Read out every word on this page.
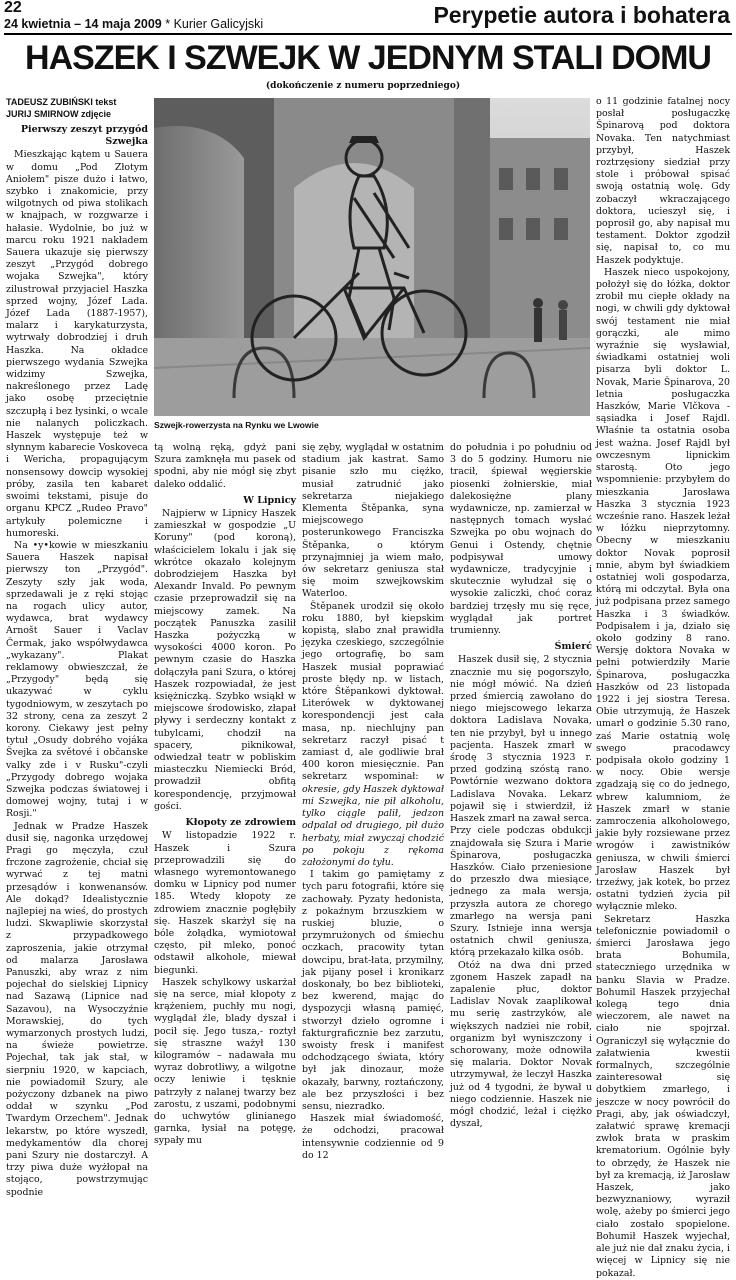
22
24 kwietnia – 14 maja 2009 * Kurier Galicyjski	Perypetie autora i bohatera
HASZEK I SZWEJK W JEDNYM STALI DOMU
(dokończenie z numeru poprzedniego)
TADEUSZ ZUBIŃSKI tekst
JURIJ SMIRNOW zdjęcie

Pierwszy zeszyt przygód Szwejka

Mieszkając kątem u Sauera w domu „Pod Złotym Aniołem" pisze dużo i łatwo, szybko i znakomicie, przy wilgotnych od piwa stolikach w knajpach, w rozgwarze i hałasie. Wydolnie, bo już w marcu roku 1921 nakładem Sauera ukazuje się pierwszy zeszyt „Przygód dobrego wojaka Szwejka", który zilustrował przyjaciel Haszka sprzed wojny, Józef Lada. Józef Lada (1887-1957), malarz i karykaturzysta, wytrwały dobrodziej i druh Haszka. Na okładce pierwszego wydania Szwejka widzimy Szwejka, nakreślonego przez Ladę jako osobę przeciętnie szczupłą i bez łysinki, o wcale nie nalanych policzkach. Haszek występuje też w słynnym kabarecie Voskoveca i Wericha, propagującym nonsensowy dowcip wysokiej próby, zasila ten kabaret swoimi tekstami, pisuje do organu KPCZ „Rudeo Pravo" artykuły polemiczne i humoreski.

Na •y•kowie w mieszkaniu Sauera Haszek napisał pierwszy ton „Przygód". Zeszyty szły jak woda, sprzedawali je z ręki stojąc na rogach ulicy autor, wydawca, brat wydawcy Arnošt Sauer i Vaclav Čermak, jako współwydawca „wykazany". Plakat reklamowy obwieszczał, że „Przygody" będą się ukazywać w cyklu tygodniowym, w zeszytach po 32 strony, cena za zeszyt 2 korony. Ciekawy jest pełny tytuł „Osudy dobrého vojáka Švejka za světové i občanske valky zde i v Rusku"-czyli „Przygody dobrego wojaka Szwejka podczas światowej i domowej wojny, tutaj i w Rosji."

Jednak w Pradze Haszek dusił się, nagonka urzędowej Pragi go męczyła, czuł frczone zagrożenie, chciał się wyrwać z tej matni przesądów i konwenansów. Ale dokąd? Idealistycznie najlepiej na wieś, do prostych ludzi. Skwapliwie skorzystał z przypadkowego zaproszenia, jakie otrzymał od malarza Jarosława Panuszki, aby wraz z nim pojechał do sielskiej Lipnicy nad Sazawą (Lipnice nad Sazavou), na Wysoczyźnie Morawskiej, do tych wymarzonych prostych ludzi, na świeże powietrze. Pojechał, tak jak stał, w sierpniu 1920, w kapciach, nie powiadomił Szury, ale pożyczony dzbanek na piwo oddał w szynku „Pod Twardym Orzechem". Jednak lekarstw, po które wyszedł, medykamentów dla chorej pani Szury nie dostarczył. A trzy piwa duże wyżłopał na stojąco, powstrzymując spodnie

Szwejk-rowerzysta na Rynku we Lwowie

tą wolną ręką, gdyż pani Szura zamknęła mu pasek od spodni, aby nie mógł się zbyt daleko oddalić.

W Lipnicy

Najpierw w Lipnicy Haszek zamieszkał w gospodzie „U Koruny" (pod koroną), właścicielem lokalu i jak się wkrótce okazało kolejnym dobrodziejem Haszka był Alexandr Invald. Po pewnym czasie przeprowadził się na miejscowy zamek. Na początek Panuszka zasilił Haszka pożyczką w wysokości 4000 koron. Po pewnym czasie do Haszka dołączyła pani Szura, o której Haszek rozpowiadał, że jest księżniczką. Szybko wsiąkł w miejscowe środowisko, złapał pływy i serdeczny kontakt z tubylcami, chodził na spacery, piknikował, odwiedzał teatr w pobliskim miasteczku Niemiecki Bród, prowadził obfitą korespondencję, przyjmował gości.

Kłopoty ze zdrowiem

W listopadzie 1922 r. Haszek i Szura przeprowadzili się do własnego wyremontowanego domku w Lipnicy pod numer 185. Wtedy kłopoty ze zdrowiem znacznie pogłębiły się. Haszek skarżył się na bóle żołądka, wymiotował często, pił mleko, ponoć odstawił alkohole, miewał biegunki.

Haszek schylkowy uskarżał się na serce, miał kłopoty z krążeniem, puchły mu nogi, wyglądał źle, blady dyszał i pocił się. Jego tusza,- roztył się straszne ważył 130 kilogramów – nadawała mu wyraz dobrotliwy, a wilgotne oczy leniwie i tęsknie patrzyły z nalanej twarzy bez zarostu, z uszami, podobnymi do uchwytów glinianego garnka, łysiał na potęgę, sypały mu

się zęby, wyglądał w ostatnim stadium jak kastrat. Samo pisanie szło mu ciężko, musiał zatrudnić jako sekretarza niejakiego Klementa Štěpanka, syna miejscowego posterunkowego Franciszka Štěpanka, o którym przynajmniej ja wiem mało, ów sekretarz geniusza stał się moim szwejkowskim Waterloo.

Štěpanek urodził się około roku 1880, był kiepskim kopistą, słabo znał prawidła języka czeskiego, szczególnie jego ortografię, bo sam Haszek musiał poprawiać proste błędy np. w listach, które Štěpankowi dyktował. Literówek w dyktowanej korespondencji jest cała masa, np. niechlujny pan sekretarz raczył pisać t zamiast d, ale godliwie brał 400 koron miesięcznie. Pan sekretarz wspominał: w okresie, gdy Haszek dyktował mi Szwejka, nie pił alkoholu, tylko ciągle palił, jedzon odpalał od drugiego, pił dużo herbaty, miał zwyczaj chodzić po pokoju z rękoma założonymi do tyłu.

I takim go pamiętamy z tych paru fotografii, które się zachowały. Pyzaty hedonista, z pokaźnym brzuszkiem w ruskiej bluzie, o przymrużonych od śmiechu oczkach, pracowity tytan dowcipu, brat-łata, przymilny, jak pijany poseł i kronikarz doskonały, bo bez biblioteki, bez kwerend, mając do dyspozycji własną pamięć, stworzył dzieło ogromne i fakturgraficznie bez zarzutu, swoisty fresk i manifest odchodzącego świata, który był jak dinozaur, może okazały, barwny, roztańczony, ale bez przyszłości i bez sensu, niezradko.

Haszek miał świadomość, że odchodzi, pracował intensywnie codziennie od 9 do 12

do południa i po południu od 3 do 5 godziny. Humoru nie tracił, śpiewał węgierskie piosenki żołnierskie, miał dalekosiężne plany wydawnicze, np. zamierzał w następnych tomach wysłać Szwejka po obu wojnach do Genui i Ostendy, chętnie podpisywał umowy wydawnicze, tradycyjnie i skutecznie wyłudzał się o wysokie zaliczki, choć coraz bardziej trzęsły mu się ręce, wyglądał jak portret trumienny.

Śmierć

Haszek dusił się, 2 stycznia znacznie mu się pogorszyło, nie mógł mówić. Na dzień przed śmiercią zawołano do niego miejscowego lekarza doktora Ladislava Novaka, ten nie przybył, był u innego pacjenta. Haszek zmarł w środę 3 stycznia 1923 r. przed godziną szóstą rano. Powtórnie wezwano doktora Ladislava Novaka. Lekarz pojawił się i stwierdził, iż Haszek zmarł na zawał serca. Przy ciele podczas obdukcji znajdowała się Szura i Marie Špinarova, posługaczka Haszków. Ciało przeniesione do przeszło dwa miesiące, jednego za mała wersja, przyszła autora ze chorego zmarłego na wersja pani Szury. Istnieje inna wersja ostatnich chwil geniusza, którą przekazało kilka osób.

Otóż na dwa dni przed zgonem Haszek zapadł na zapalenie płuc, doktor Ladislav Novak zaaplikował mu serię zastrzyków, ale większych nadziei nie robił, organizm był wyniszczony i schorowany, może odnowiła się malaria. Doktor Novak utrzymywał, że leczył Haszka już od 4 tygodni, że bywał u niego codziennie. Haszek nie mógł chodzić, leżał i ciężko dyszał,

o 11 godzinie fatalnej nocy posłał posługaczkę Špinarovą pod doktora Novaka. Ten natychmiast przybył, Haszek roztrzęsiony siedział przy stole i próbował spisać swoją ostatnią wolę. Gdy zobaczył wkraczającego doktora, ucieszył się, i poprosił go, aby napisał mu testament. Doktor zgodził się, napisał to, co mu Haszek podyktuje.

Haszek nieco uspokojony, położył się do łóżka, doktor zrobił mu ciepłe okłady na nogi, w chwili gdy dyktował swój testament nie miał gorączki, ale mimo wyraźnie się wysławiał, świadkami ostatniej woli pisarza byli doktor L. Novak, Marie Špinarova, 20 letnia posługaczka Haszków, Marie Vlčkova -sąsiadka i Josef Rajdl. Właśnie ta ostatnia osoba jest ważna. Josef Rajdl był owczesnym lipnickim starostą. Oto jego wspomnienie: przybyłem do mieszkania Jarosława Haszka 3 stycznia 1923 wcześnie rano. Haszek leżał w łóżku nieprzytomny. Obecny w mieszkaniu doktor Novak poprosił mnie, abym był świadkiem ostatniej woli gospodarza, którą mi odczytał. Była ona już podpisana przez samego Haszka i 3 świadków. Podpisałem i ja, działo się około godziny 8 rano. Wersję doktora Novaka w pełni potwierdziły Marie Špinarova, posługaczka Haszków od 23 listopada 1922 i jej siostra Teresa. Obie utrzymują, że Haszek umarł o godzinie 5.30 rano, zaś Marie ostatnią wolę swego pracodawcy podpisała około godziny 1 w nocy. Obie wersje zgadzają się co do jednego, wbrew kalumniom, że Haszek zmarł w stanie zamroczenia alkoholowego, jakie były rozsiewane przez wrogów i zawistników geniusza, w chwili śmierci Jarosław Haszek był trzeźwy, jak kotek, bo przez ostatni tydzień życia pił wyłącznie mleko.

Sekretarz Haszka telefonicznie powiadomił o śmierci Jarosława jego brata Bohumila, stateczniego urzędnika w banku Slavia w Pradze. Bohumil Haszek przyjechał kolegą tego dnia wieczorem, ale nawet na ciało nie spojrzał. Ograniczył się wyłącznie do załatwienia kwestii formalnych, szczególnie zainteresował się dobytkiem zmarłego, i jeszcze w nocy powrócił do Pragi, aby, jak oświadczył, załatwić sprawę kremacji zwłok brata w praskim krematorium. Ogólnie były to obrzędy, że Haszek nie był za kremacją, iż Jarosław Haszek, jako bezwyznaniowy, wyraził wolę, ażeby po śmierci jego ciało zostało spopielone. Bohumił Haszek wyjechał, ale już nie dał znaku życia, i więcej w Lipnicy się nie pokazał.
